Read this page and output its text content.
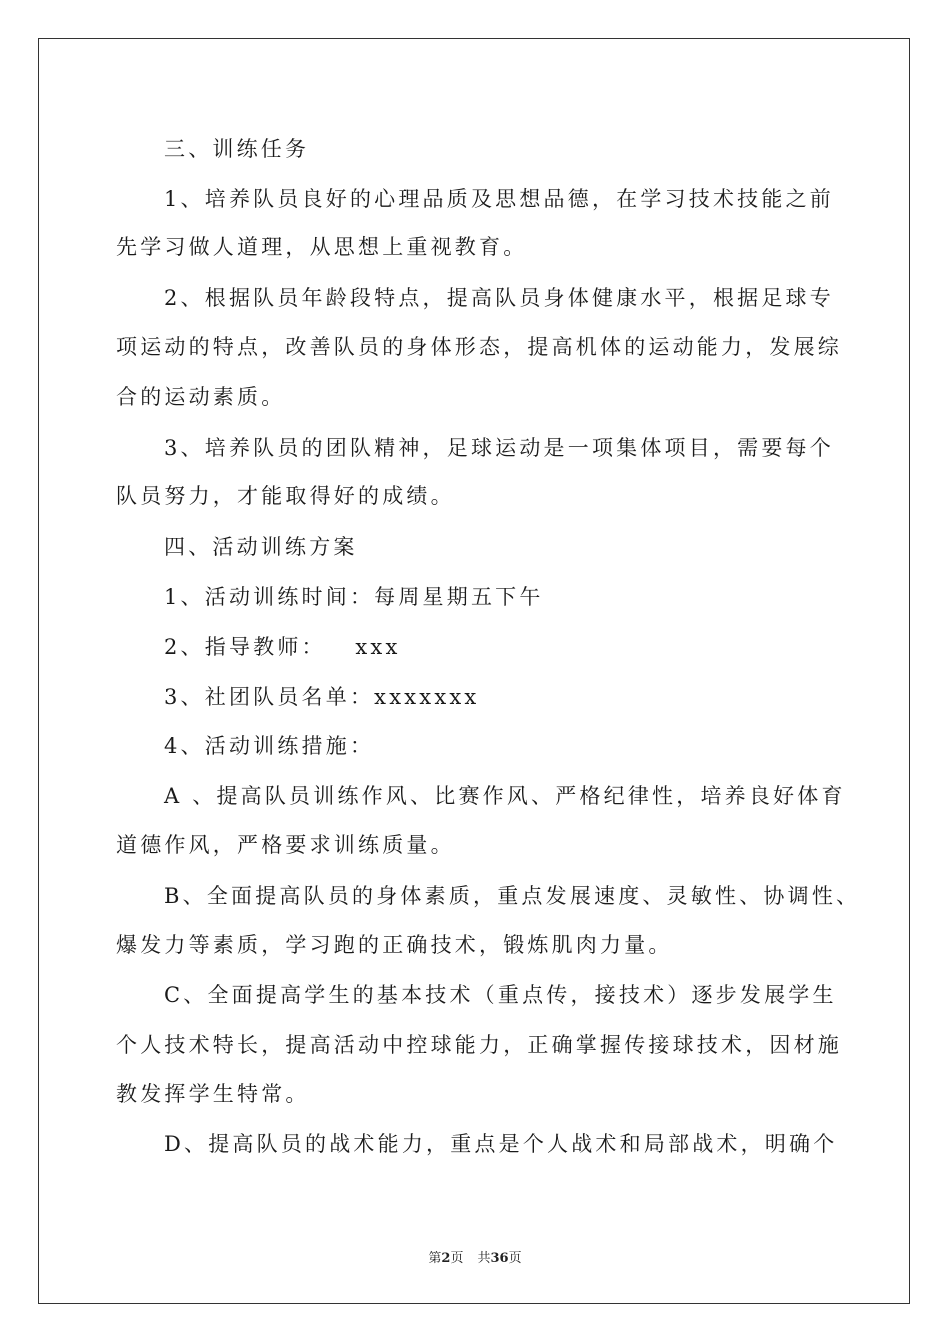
三、训练任务
1、培养队员良好的心理品质及思想品德，在学习技术技能之前
先学习做人道理，从思想上重视教育。
2、根据队员年龄段特点，提高队员身体健康水平，根据足球专
项运动的特点，改善队员的身体形态，提高机体的运动能力，发展综
合的运动素质。
3、培养队员的团队精神，足球运动是一项集体项目，需要每个
队员努力，才能取得好的成绩。
四、活动训练方案
1、活动训练时间：每周星期五下午
2、指导教师：   xxx
3、社团队员名单：xxxxxxx
4、活动训练措施：
A 、提高队员训练作风、比赛作风、严格纪律性，培养良好体育
道德作风，严格要求训练质量。
B、全面提高队员的身体素质，重点发展速度、灵敏性、协调性、
爆发力等素质，学习跑的正确技术，锻炼肌肉力量。
C、全面提高学生的基本技术（重点传，接技术）逐步发展学生
个人技术特长，提高活动中控球能力，正确掌握传接球技术，因材施
教发挥学生特常。
D、提高队员的战术能力，重点是个人战术和局部战术，明确个
第2页 共36页
